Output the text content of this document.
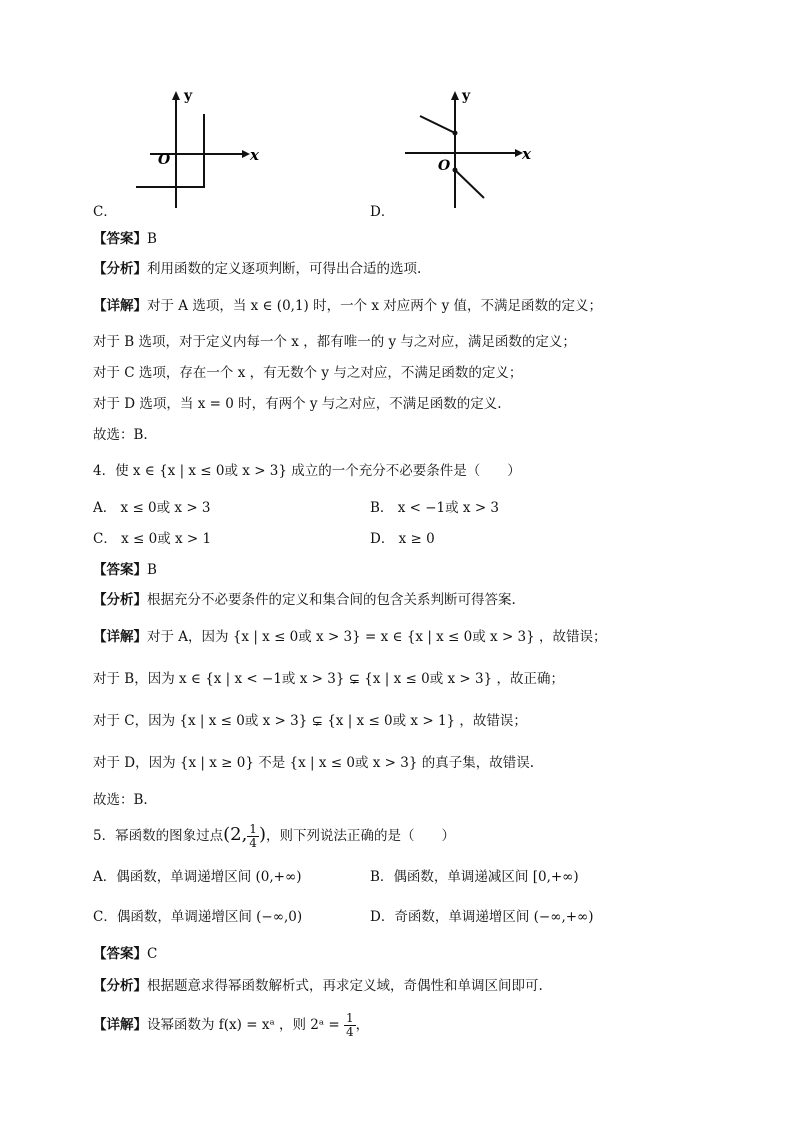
y
x
O
C．
y
x
O
D．
【答案】B
【分析】利用函数的定义逐项判断，可得出合适的选项.
【详解】对于 A 选项，当 x ∈ (0,1) 时，一个 x 对应两个 y 值，不满足函数的定义；
对于 B 选项，对于定义内每一个 x ，都有唯一的 y 与之对应，满足函数的定义；
对于 C 选项，存在一个 x ，有无数个 y 与之对应，不满足函数的定义；
对于 D 选项，当 x = 0 时，有两个 y 与之对应，不满足函数的定义.
故选：B.
4．使 x ∈ {x | x ≤ 0或 x > 3} 成立的一个充分不必要条件是（　　）
A． x ≤ 0或 x > 3	B． x < −1或 x > 3
C． x ≤ 0或 x > 1	D． x ≥ 0
【答案】B
【分析】根据充分不必要条件的定义和集合间的包含关系判断可得答案.
【详解】对于 A，因为 {x | x ≤ 0或 x > 3} = x ∈ {x | x ≤ 0或 x > 3} ，故错误；
对于 B，因为 x ∈ {x | x < −1或 x > 3} ⊊ {x | x ≤ 0或 x > 3} ，故正确；
对于 C，因为 {x | x ≤ 0或 x > 3} ⊊ {x | x ≤ 0或 x > 1} ，故错误；
对于 D，因为 {x | x ≥ 0} 不是 {x | x ≤ 0或 x > 3} 的真子集，故错误.
故选：B.
5．幂函数的图象过点(2, $\frac{1}{4}$ )，则下列说法正确的是（　　）
A．偶函数，单调递增区间 (0,+∞)	B．偶函数，单调递减区间 [0,+∞)
C．偶函数，单调递增区间 (−∞,0)	D．奇函数，单调递增区间 (−∞,+∞)
【答案】C
【分析】根据题意求得幂函数解析式，再求定义域，奇偶性和单调区间即可.
【详解】设幂函数为 f(x) = xᵃ ，则 2ᵃ = $\frac{1}{4}$ ，
